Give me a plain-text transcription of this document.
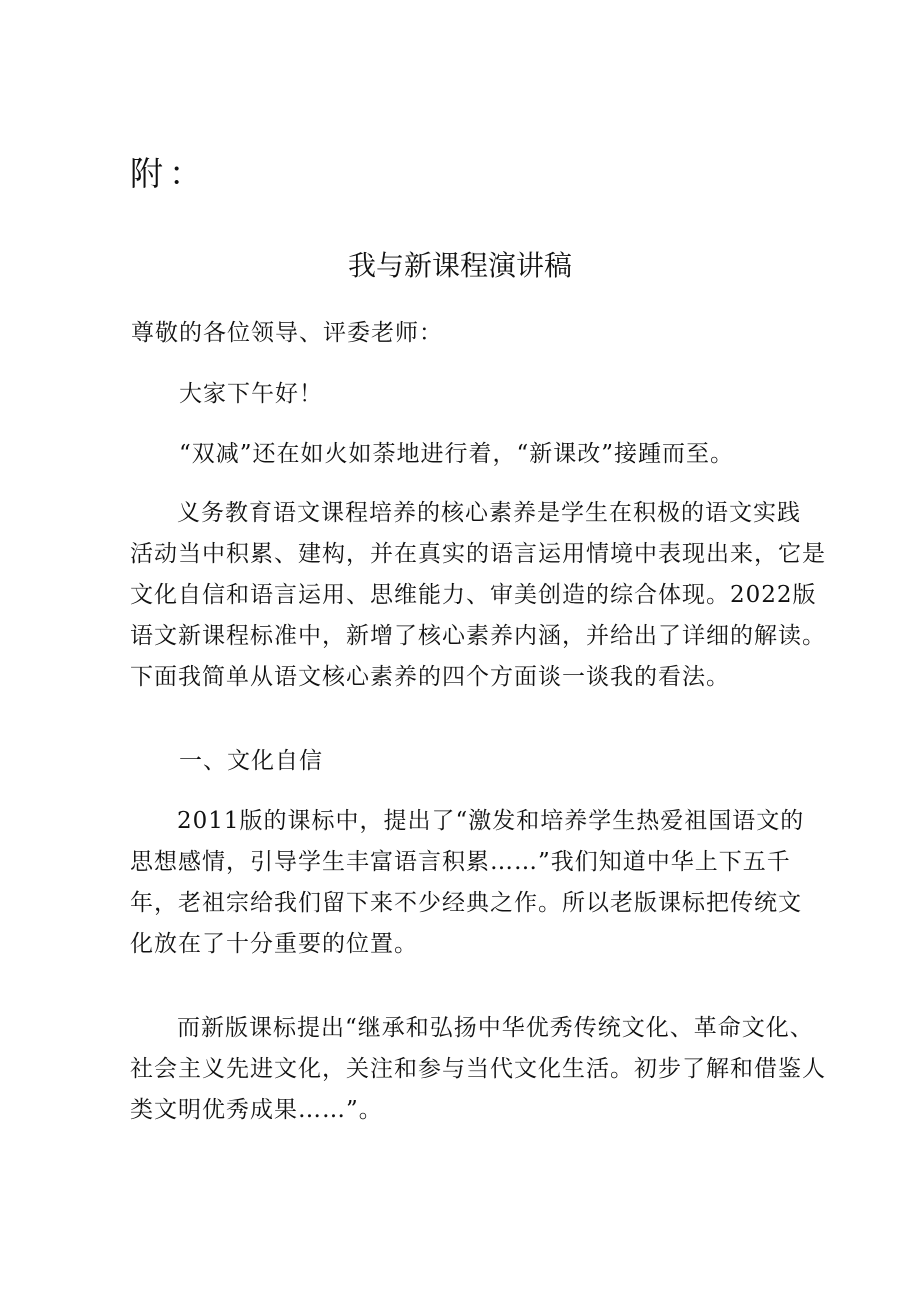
附：
我与新课程演讲稿

尊敬的各位领导、评委老师：

大家下午好！

“双减”还在如火如荼地进行着，“新课改”接踵而至。

义务教育语文课程培养的核心素养是学生在积极的语文实践
活动当中积累、建构，并在真实的语言运用情境中表现出来，它是
文化自信和语言运用、思维能力、审美创造的综合体现。2022版
语文新课程标准中，新增了核心素养内涵，并给出了详细的解读。
下面我简单从语文核心素养的四个方面谈一谈我的看法。

一、文化自信

2011版的课标中，提出了“激发和培养学生热爱祖国语文的
思想感情，引导学生丰富语言积累……”我们知道中华上下五千
年，老祖宗给我们留下来不少经典之作。所以老版课标把传统文
化放在了十分重要的位置。
而新版课标提出“继承和弘扬中华优秀传统文化、革命文化、
社会主义先进文化，关注和参与当代文化生活。初步了解和借鉴人
类文明优秀成果……”。
